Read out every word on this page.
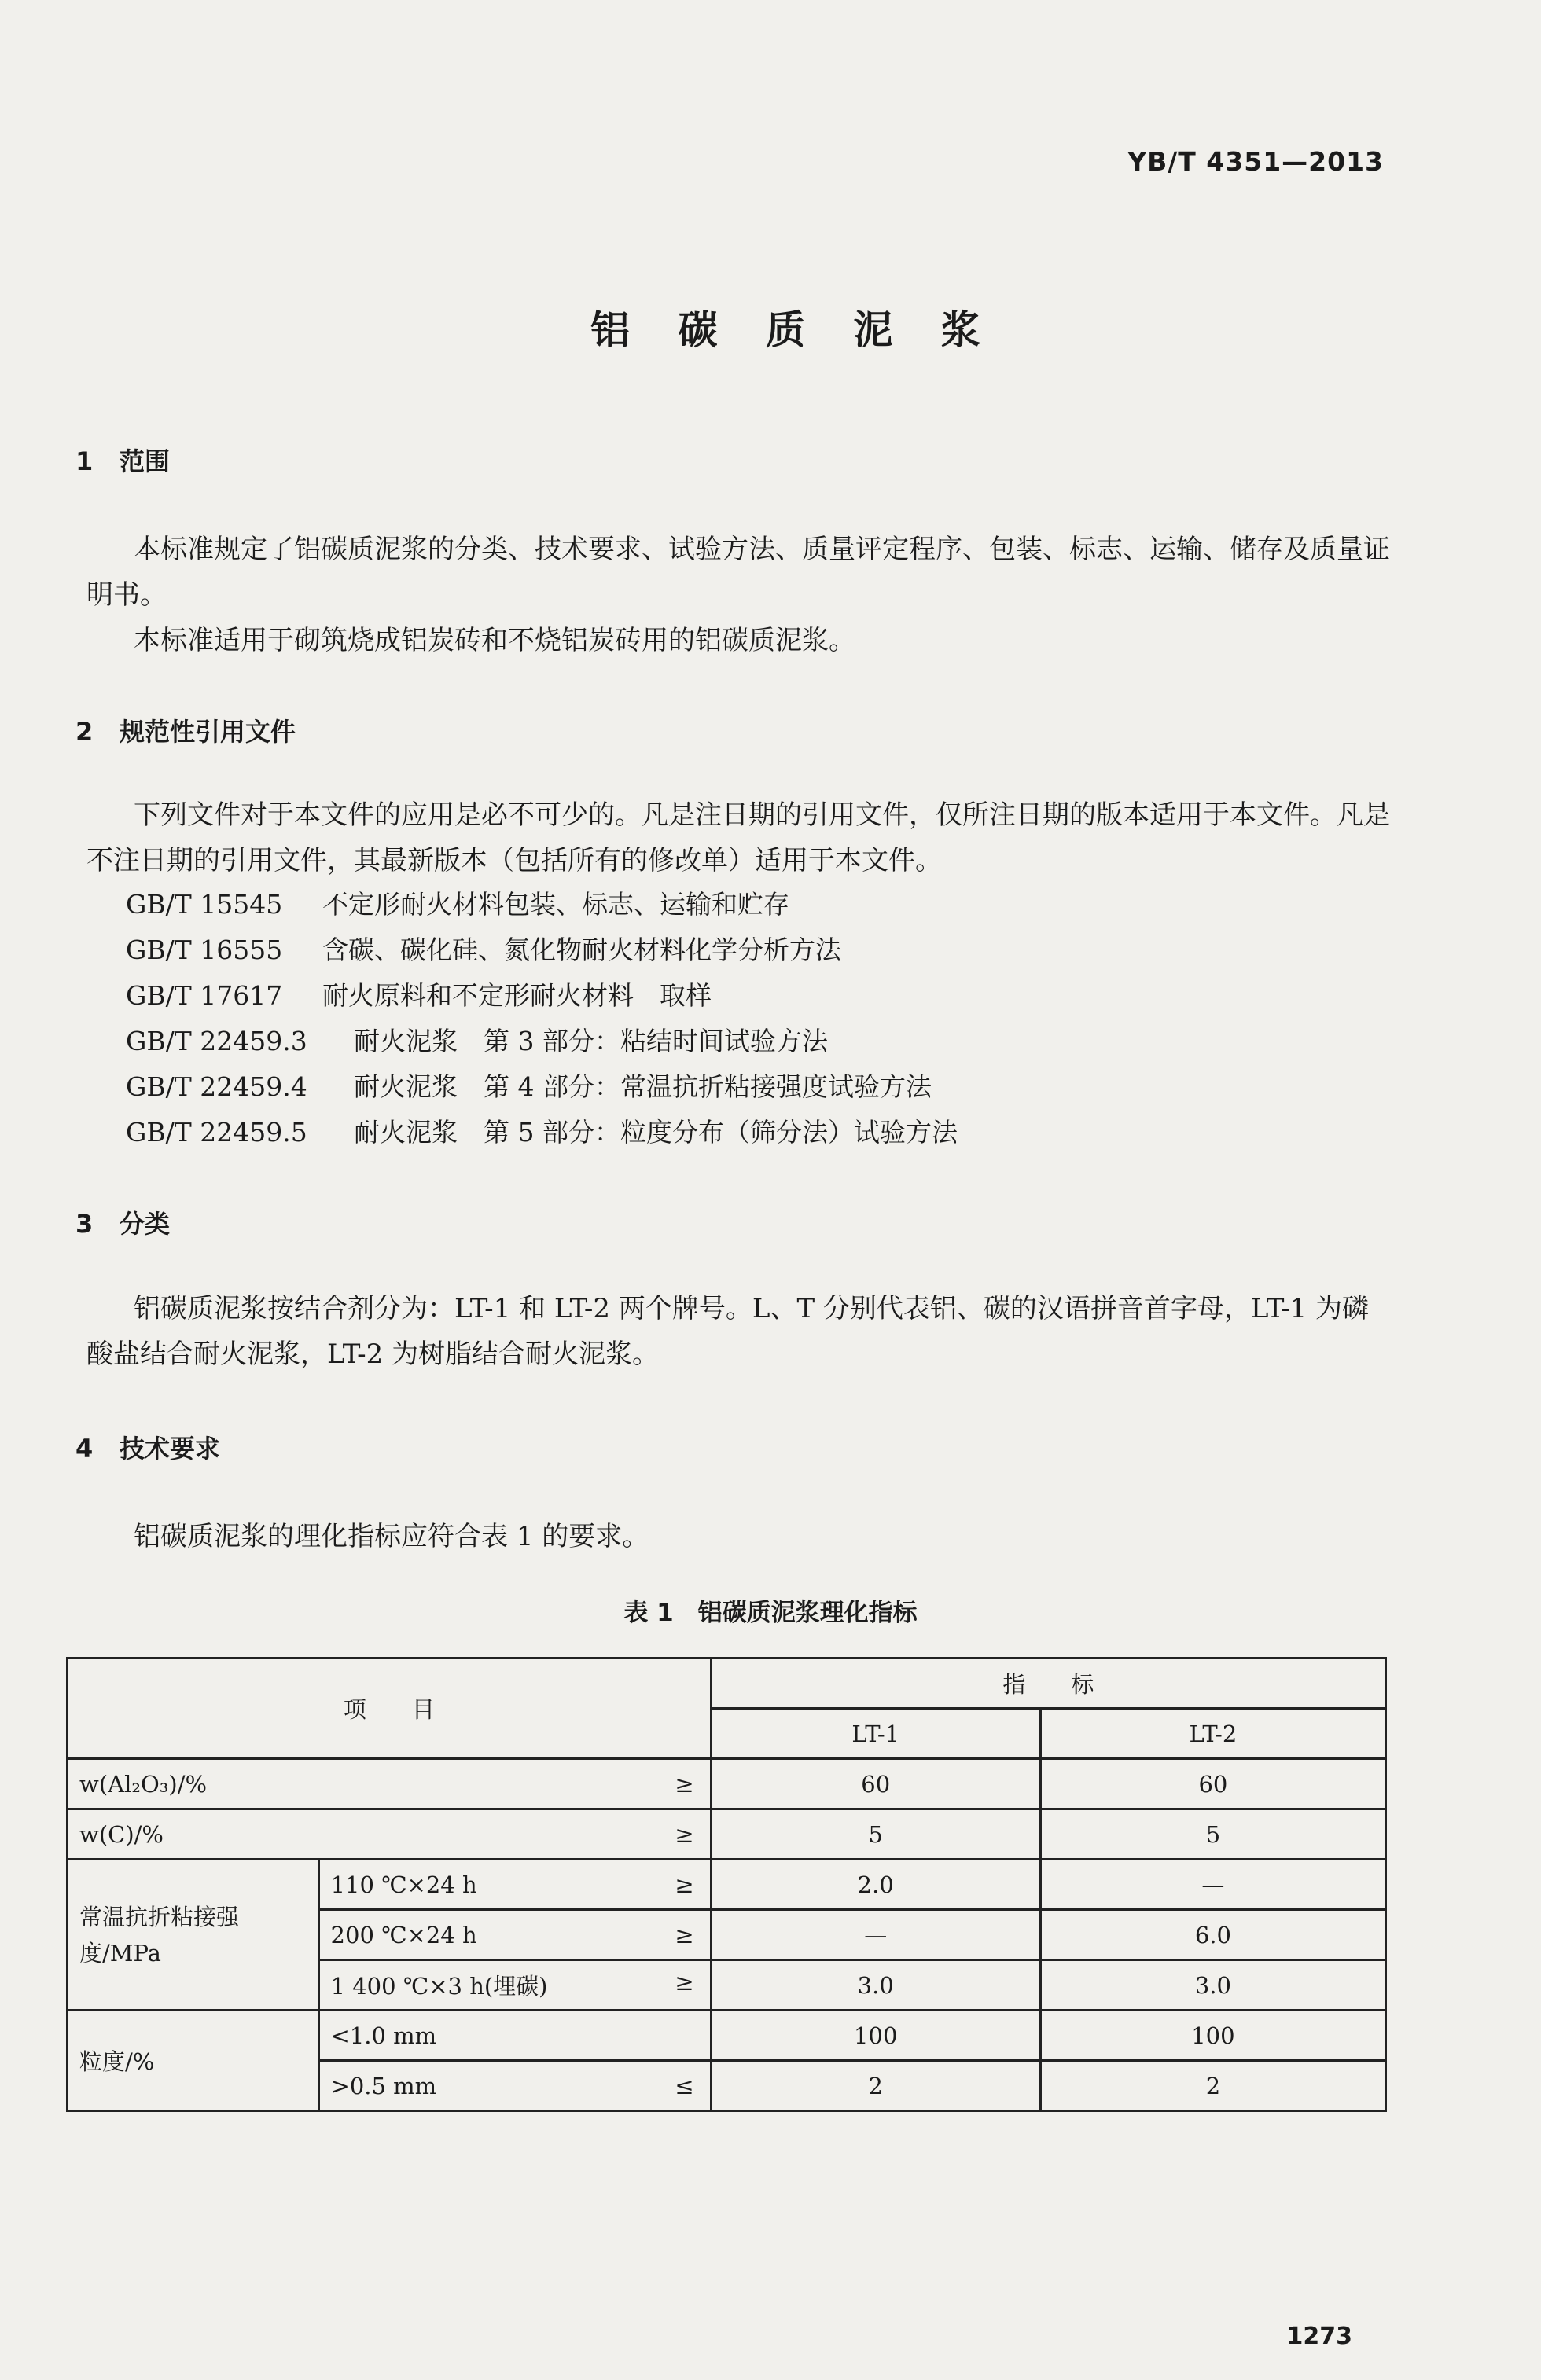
YB/T 4351—2013
铝 碳 质 泥 浆
1 范围

本标准规定了铝碳质泥浆的分类、技术要求、试验方法、质量评定程序、包装、标志、运输、储存及质量证明书。

本标准适用于砌筑烧成铝炭砖和不烧铝炭砖用的铝碳质泥浆。

2 规范性引用文件

下列文件对于本文件的应用是必不可少的。凡是注日期的引用文件，仅所注日期的版本适用于本文件。凡是不注日期的引用文件，其最新版本（包括所有的修改单）适用于本文件。

GB/T 15545 不定形耐火材料包装、标志、运输和贮存
GB/T 16555 含碳、碳化硅、氮化物耐火材料化学分析方法
GB/T 17617 耐火原料和不定形耐火材料　取样
GB/T 22459.3 耐火泥浆　第 3 部分：粘结时间试验方法
GB/T 22459.4 耐火泥浆　第 4 部分：常温抗折粘接强度试验方法
GB/T 22459.5 耐火泥浆　第 5 部分：粒度分布（筛分法）试验方法
3 分类

铝碳质泥浆按结合剂分为：LT-1 和 LT-2 两个牌号。L、T 分别代表铝、碳的汉语拼音首字母，LT-1 为磷酸盐结合耐火泥浆，LT-2 为树脂结合耐火泥浆。

4 技术要求

铝碳质泥浆的理化指标应符合表 1 的要求。

表 1　铝碳质泥浆理化指标
项　　目		指　　标	
		LT-1	LT-2
w(Al₂O₃)/% ≥		60	60
w(C)/% ≥		5	5
常温抗折粘接强度/MPa	110 ℃×24 h ≥	2.0	—
	200 ℃×24 h ≥	—	6.0
	1 400 ℃×3 h(埋碳) ≥	3.0	3.0
粒度/%	<1.0 mm	100	100
	>0.5 mm ≤	2	2
1273
